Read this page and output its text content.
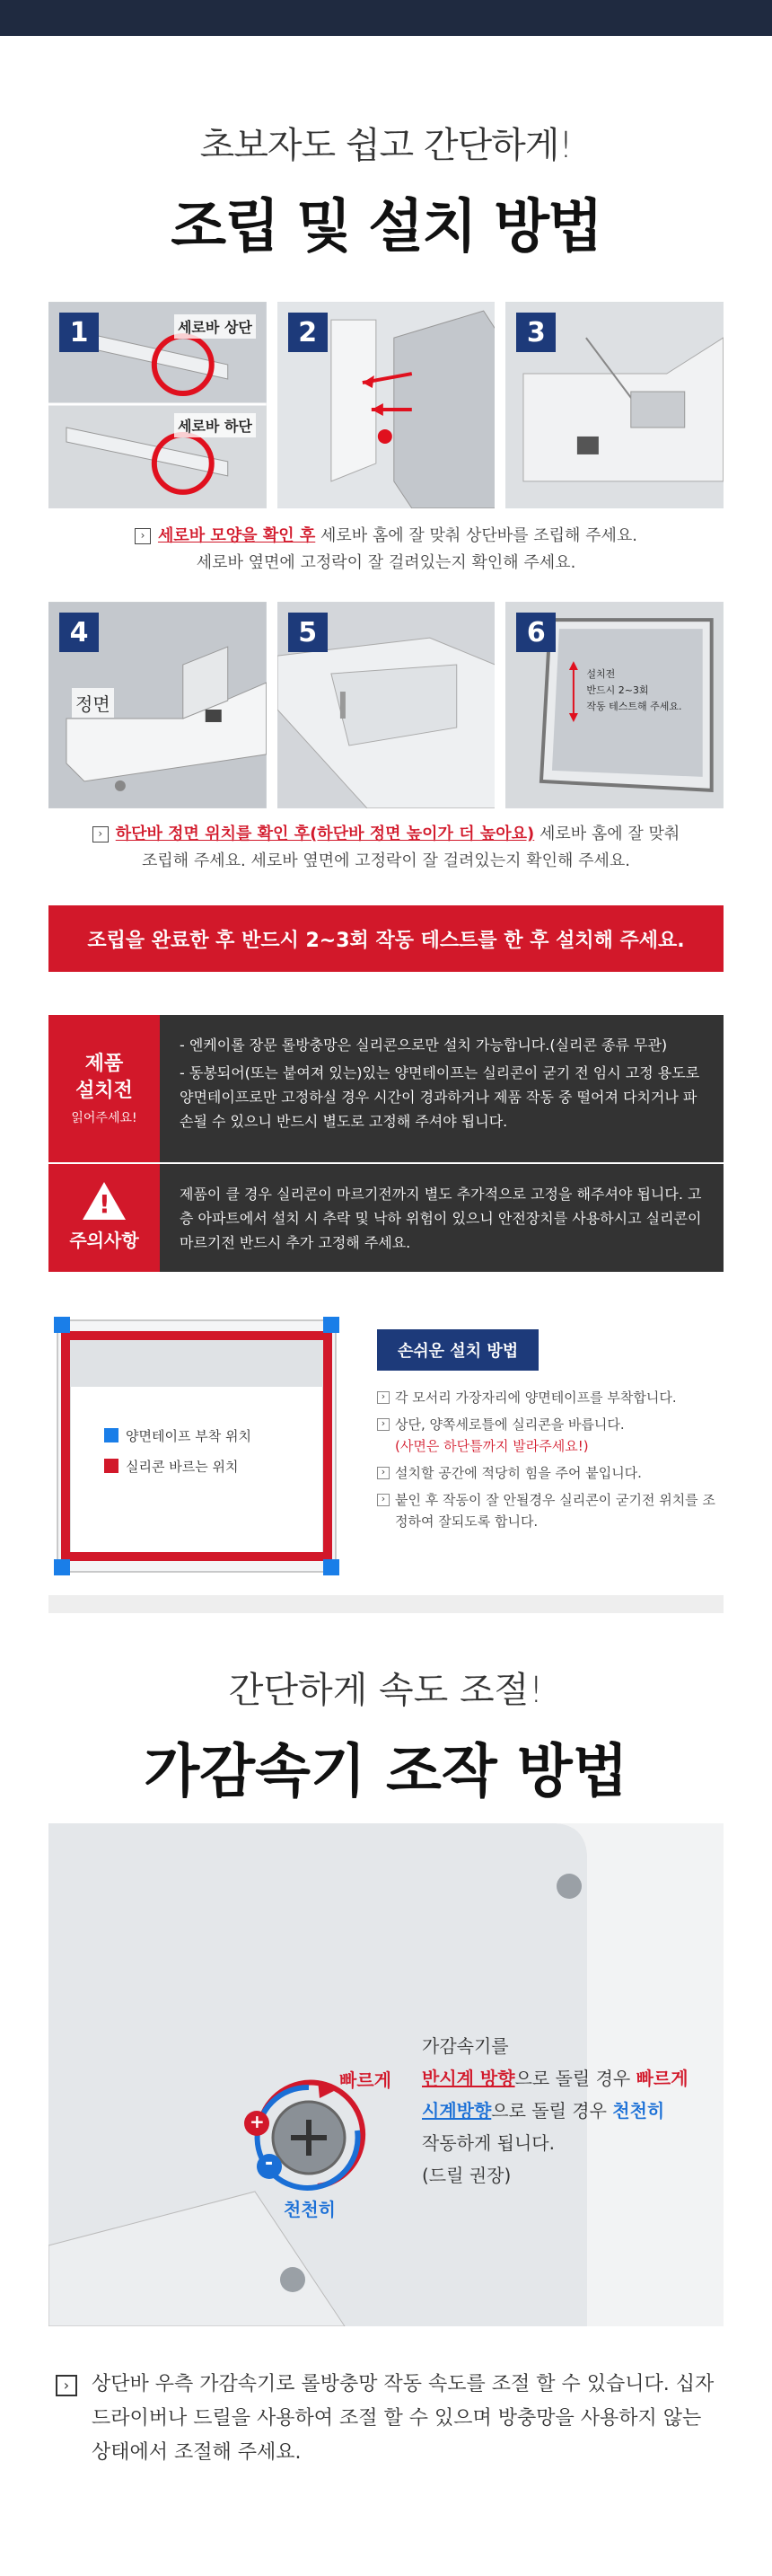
초보자도 쉽고 간단하게!
조립 및 설치 방법
1	세로바 상단
세로바 하단
2	3
› 세로바 모양을 확인 후 세로바 홈에 잘 맞춰 상단바를 조립해 주세요.
세로바 옆면에 고정락이 잘 걸려있는지 확인해 주세요.
4
정면
5	6
설치전
반드시 2~3회
작동 테스트해 주세요.
› 하단바 정면 위치를 확인 후(하단바 정면 높이가 더 높아요) 세로바 홈에 잘 맞춰
조립해 주세요. 세로바 옆면에 고정락이 잘 걸려있는지 확인해 주세요.
조립을 완료한 후 반드시 2~3회 작동 테스트를 한 후 설치해 주세요.
제품
설치전
읽어주세요!

- 엔케이롤 장문 롤방충망은 실리콘으로만 설치 가능합니다.(실리콘 종류 무관)

- 동봉되어(또는 붙여져 있는)있는 양면테이프는 실리콘이 굳기 전 임시 고정 용도로 양면테이프로만 고정하실 경우 시간이 경과하거나 제품 작동 중 떨어져 다치거나 파손될 수 있으니 반드시 별도로 고정해 주셔야 됩니다.

!
주의사항

제품이 클 경우 실리콘이 마르기전까지 별도 추가적으로 고정을 해주셔야 됩니다. 고층 아파트에서 설치 시 추락 및 낙하 위험이 있으니 안전장치를 사용하시고 실리콘이 마르기전 반드시 추가 고정해 주세요.

양면테이프 부착 위치
실리콘 바르는 위치
손쉬운 설치 방법
› 각 모서리 가장자리에 양면테이프를 부착합니다.
› 상단, 양쪽세로틀에 실리콘을 바릅니다.
(사면은 하단틀까지 발라주세요!)
› 설치할 공간에 적당히 힘을 주어 붙입니다.
› 붙인 후 작동이 잘 안될경우 실리콘이 굳기전 위치를 조정하여 잘되도록 합니다.
간단하게 속도 조절!
가감속기 조작 방법
+
-
빠르게
천천히
가감속기를
반시계 방향으로 돌릴 경우 빠르게
시계방향으로 돌릴 경우 천천히
작동하게 됩니다.
(드릴 권장)
›	상단바 우측 가감속기로 롤방충망 작동 속도를 조절 할 수 있습니다. 십자 드라이버나 드릴을 사용하여 조절 할 수 있으며 방충망을 사용하지 않는 상태에서 조절해 주세요.
